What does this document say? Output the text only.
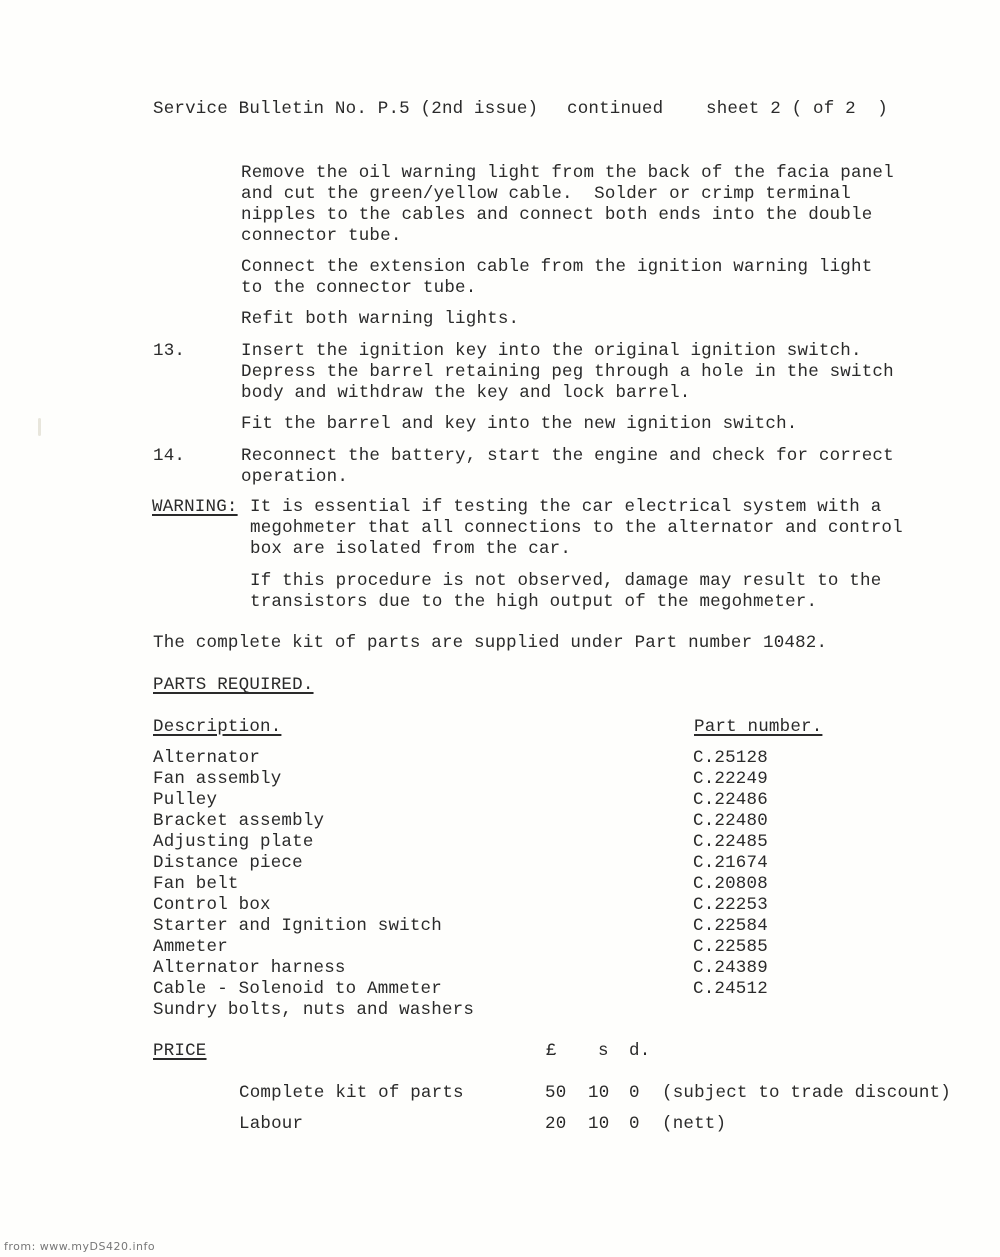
Service Bulletin No. P.5 (2nd issue) continued sheet 2 ( of 2  )
Remove the oil warning light from the back of the facia panel
and cut the green/yellow cable.  Solder or crimp terminal
nipples to the cables and connect both ends into the double
connector tube.
Connect the extension cable from the ignition warning light
to the connector tube.
Refit both warning lights.
13.	Insert the ignition key into the original ignition switch.
Depress the barrel retaining peg through a hole in the switch
body and withdraw the key and lock barrel.
Fit the barrel and key into the new ignition switch.
14.	Reconnect the battery, start the engine and check for correct
operation.
WARNING: It is essential if testing the car electrical system with a
megohmeter that all connections to the alternator and control
box are isolated from the car.
If this procedure is not observed, damage may result to the
transistors due to the high output of the megohmeter.
The complete kit of parts are supplied under Part number 10482.
PARTS REQUIRED.
Description.	Part number.
Alternator	C.25128
Fan assembly	C.22249
Pulley	C.22486
Bracket assembly	C.22480
Adjusting plate	C.22485
Distance piece	C.21674
Fan belt	C.20808
Control box	C.22253
Starter and Ignition switch	C.22584
Ammeter	C.22585
Alternator harness	C.24389
Cable - Solenoid to Ammeter	C.24512
Sundry bolts, nuts and washers
PRICE	£ s d.
Complete kit of parts	50 10 0 (subject to trade discount)
Labour	20 10 0 (nett)
from: www.myDS420.info
